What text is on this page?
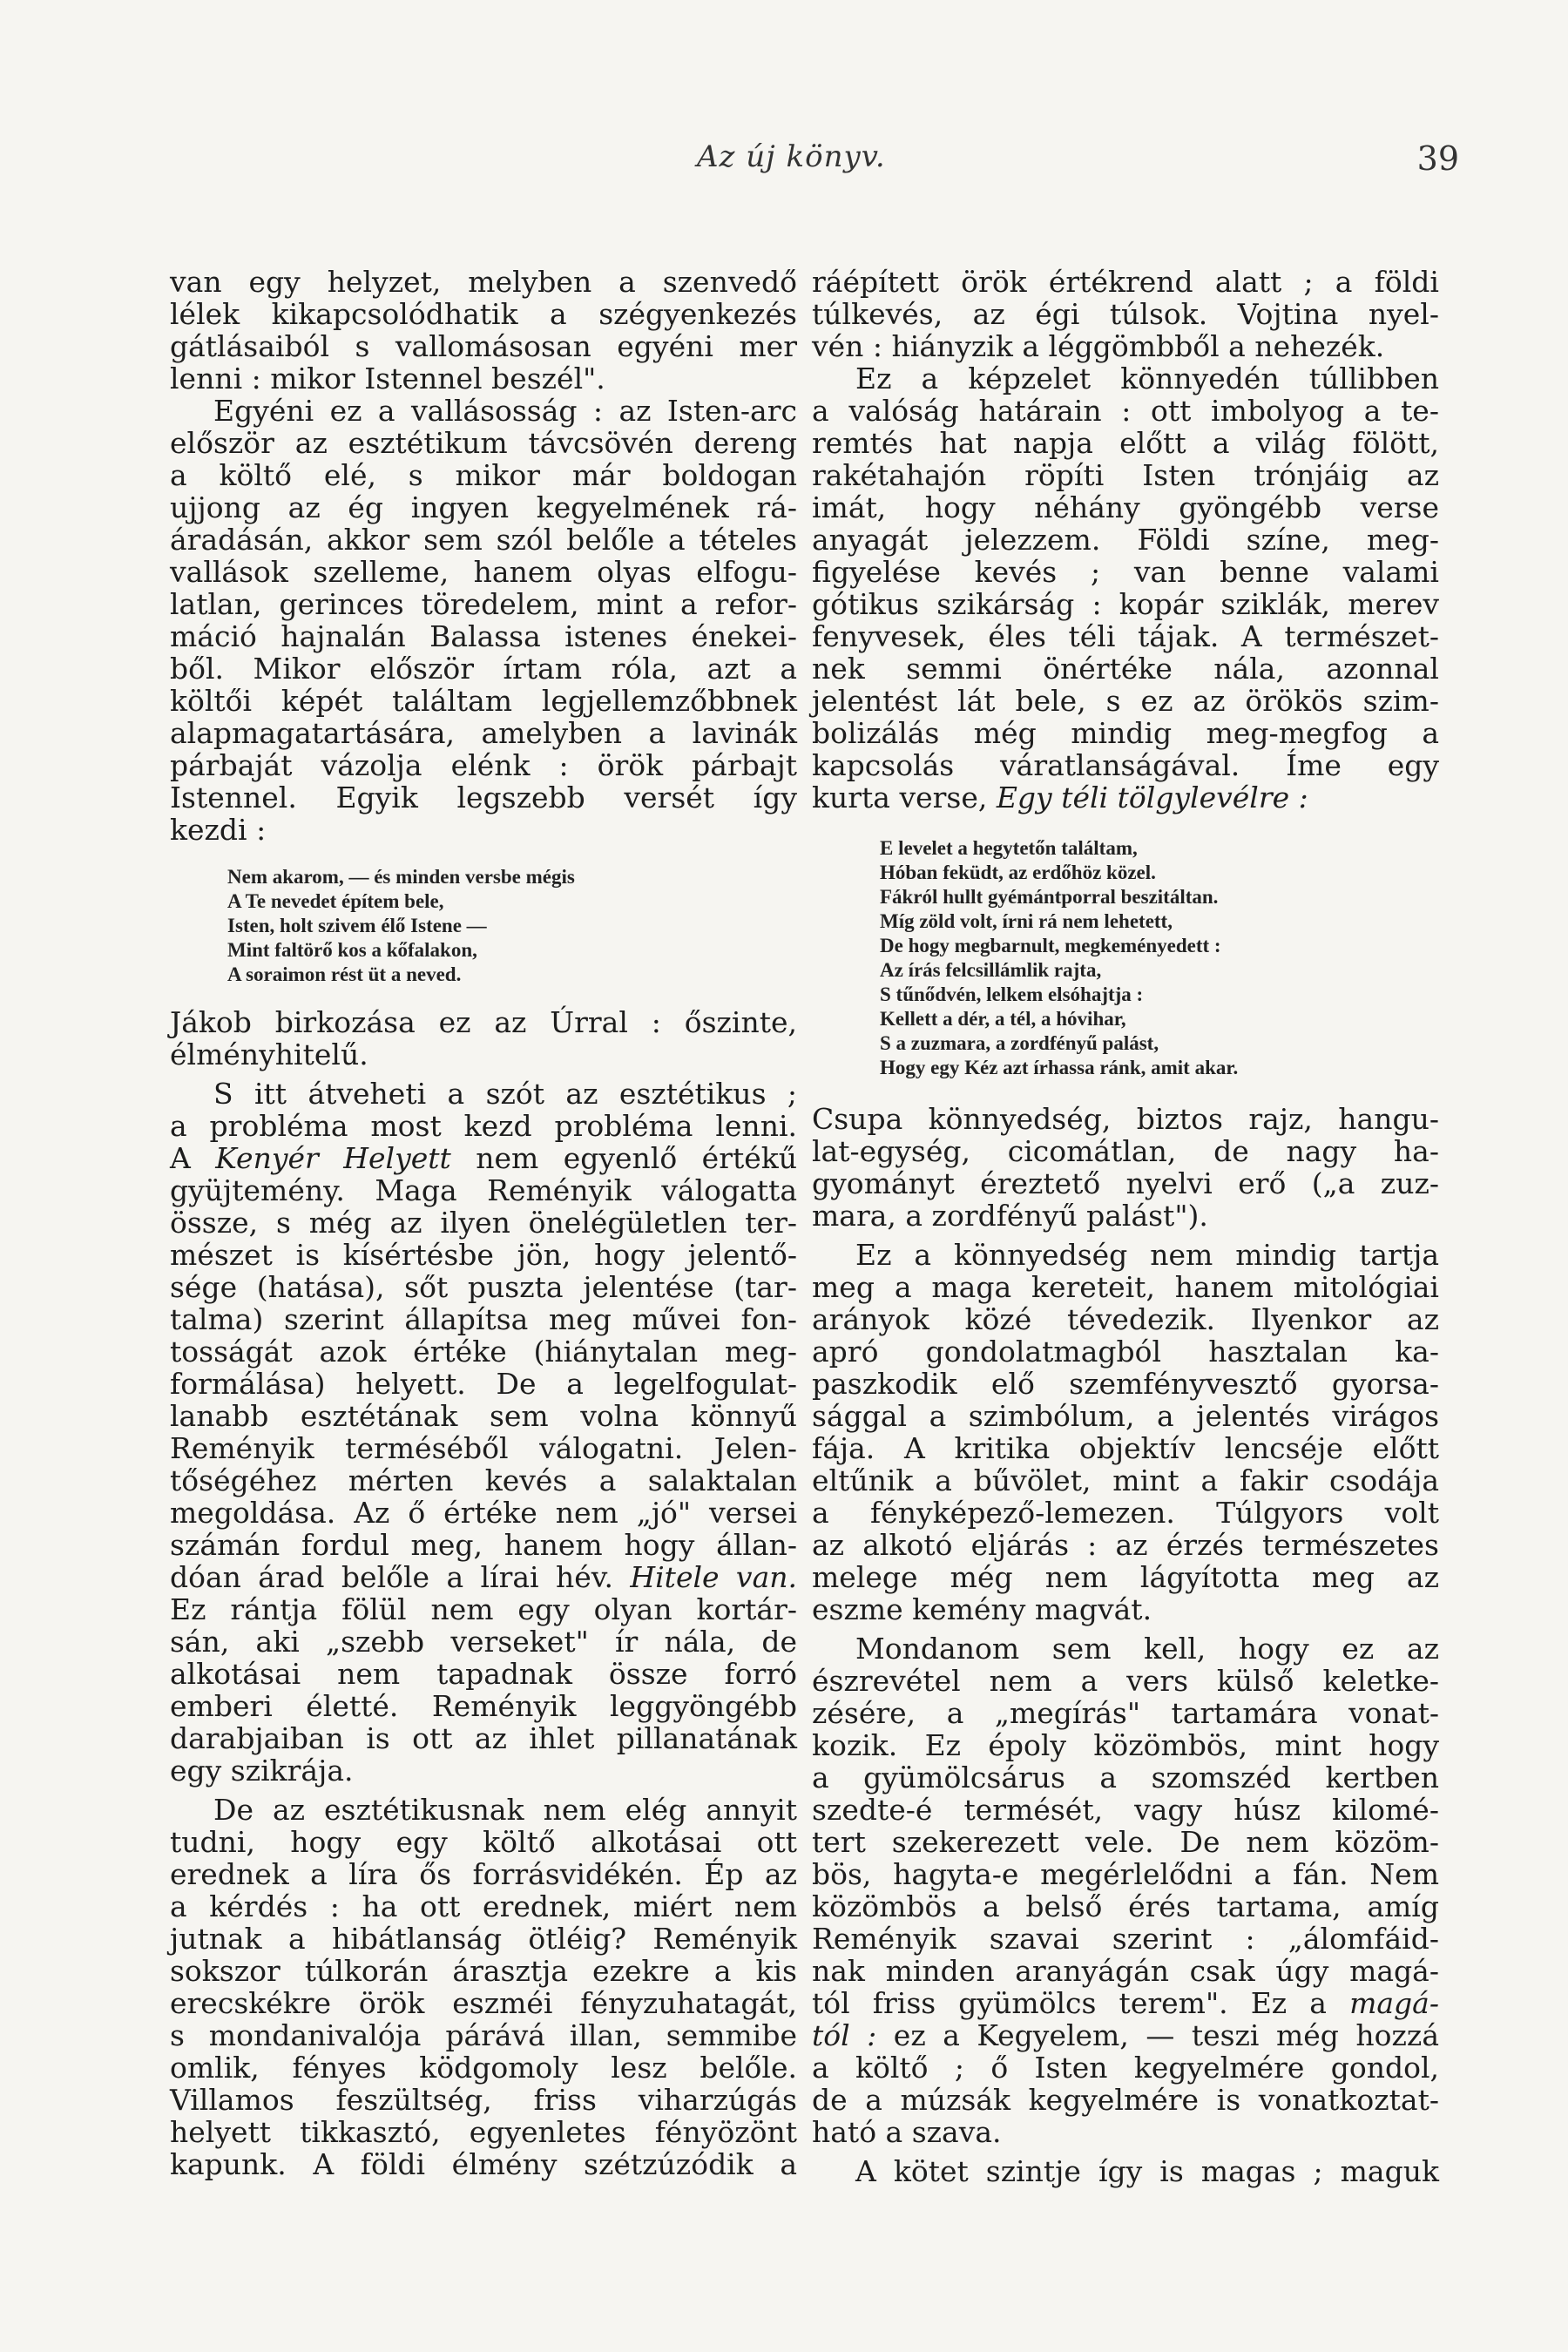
Az új könyv.	39
van egy helyzet, melyben a szenvedő
lélek kikapcsolódhatik a szégyenkezés
gátlásaiból s vallomásosan egyéni mer
lenni : mikor Istennel beszél".
Egyéni ez a vallásosság : az Isten-arc
először az esztétikum távcsövén dereng
a költő elé, s mikor már boldogan
ujjong az ég ingyen kegyelmének rá-
áradásán, akkor sem szól belőle a tételes
vallások szelleme, hanem olyas elfogu-
latlan, gerinces töredelem, mint a refor-
máció hajnalán Balassa istenes énekei-
ből. Mikor először írtam róla, azt a
költői képét találtam legjellemzőbbnek
alapmagatartására, amelyben a lavinák
párbaját vázolja elénk : örök párbajt
Istennel. Egyik legszebb versét így
kezdi :
Nem akarom, — és minden versbe mégis
A Te nevedet építem bele,
Isten, holt szivem élő Istene —
Mint faltörő kos a kőfalakon,
A soraimon rést üt a neved.
Jákob birkozása ez az Úrral : őszinte,
élményhitelű.
S itt átveheti a szót az esztétikus ;
a probléma most kezd probléma lenni.
A Kenyér Helyett nem egyenlő értékű
gyüjtemény. Maga Reményik válogatta
össze, s még az ilyen önelégületlen ter-
mészet is kísértésbe jön, hogy jelentő-
sége (hatása), sőt puszta jelentése (tar-
talma) szerint állapítsa meg művei fon-
tosságát azok értéke (hiánytalan meg-
formálása) helyett. De a legelfogulat-
lanabb esztétának sem volna könnyű
Reményik terméséből válogatni. Jelen-
tőségéhez mérten kevés a salaktalan
megoldása. Az ő értéke nem „jó" versei
számán fordul meg, hanem hogy állan-
dóan árad belőle a lírai hév. Hitele van.
Ez rántja fölül nem egy olyan kortár-
sán, aki „szebb verseket" ír nála, de
alkotásai nem tapadnak össze forró
emberi életté. Reményik leggyöngébb
darabjaiban is ott az ihlet pillanatának
egy szikrája.
De az esztétikusnak nem elég annyit
tudni, hogy egy költő alkotásai ott
erednek a líra ős forrásvidékén. Ép az
a kérdés : ha ott erednek, miért nem
jutnak a hibátlanság ötléig? Reményik
sokszor túlkorán árasztja ezekre a kis
erecskékre örök eszméi fényzuhatagát,
s mondanivalója párává illan, semmibe
omlik, fényes ködgomoly lesz belőle.
Villamos feszültség, friss viharzúgás
helyett tikkasztó, egyenletes fényözönt
kapunk. A földi élmény szétzúzódik a
ráépített örök értékrend alatt ; a földi
túlkevés, az égi túlsok. Vojtina nyel-
vén : hiányzik a léggömbből a nehezék.
Ez a képzelet könnyedén túllibben
a valóság határain : ott imbolyog a te-
remtés hat napja előtt a világ fölött,
rakétahajón röpíti Isten trónjáig az
imát, hogy néhány gyöngébb verse
anyagát jelezzem. Földi színe, meg-
figyelése kevés ; van benne valami
gótikus szikárság : kopár sziklák, merev
fenyvesek, éles téli tájak. A természet-
nek semmi önértéke nála, azonnal
jelentést lát bele, s ez az örökös szim-
bolizálás még mindig meg-megfog a
kapcsolás váratlanságával. Íme egy
kurta verse, Egy téli tölgylevélre :
E levelet a hegytetőn találtam,
Hóban feküdt, az erdőhöz közel.
Fákról hullt gyémántporral beszitáltan.
Míg zöld volt, írni rá nem lehetett,
De hogy megbarnult, megkeményedett :
Az írás felcsillámlik rajta,
S tűnődvén, lelkem elsóhajtja :
Kellett a dér, a tél, a hóvihar,
S a zuzmara, a zordfényű palást,
Hogy egy Kéz azt írhassa ránk, amit akar.
Csupa könnyedség, biztos rajz, hangu-
lat-egység, cicomátlan, de nagy ha-
gyományt éreztető nyelvi erő („a zuz-
mara, a zordfényű palást").
Ez a könnyedség nem mindig tartja
meg a maga kereteit, hanem mitológiai
arányok közé tévedezik. Ilyenkor az
apró gondolatmagból hasztalan ka-
paszkodik elő szemfényvesztő gyorsa-
sággal a szimbólum, a jelentés virágos
fája. A kritika objektív lencséje előtt
eltűnik a bűvölet, mint a fakir csodája
a fényképező-lemezen. Túlgyors volt
az alkotó eljárás : az érzés természetes
melege még nem lágyította meg az
eszme kemény magvát.
Mondanom sem kell, hogy ez az
észrevétel nem a vers külső keletke-
zésére, a „megírás" tartamára vonat-
kozik. Ez époly közömbös, mint hogy
a gyümölcsárus a szomszéd kertben
szedte-é termését, vagy húsz kilomé-
tert szekerezett vele. De nem közöm-
bös, hagyta-e megérlelődni a fán. Nem
közömbös a belső érés tartama, amíg
Reményik szavai szerint : „álomfáid-
nak minden aranyágán csak úgy magá-
tól friss gyümölcs terem". Ez a magá-
tól : ez a Kegyelem, — teszi még hozzá
a költő ; ő Isten kegyelmére gondol,
de a múzsák kegyelmére is vonatkoztat-
ható a szava.
A kötet szintje így is magas ; maguk
